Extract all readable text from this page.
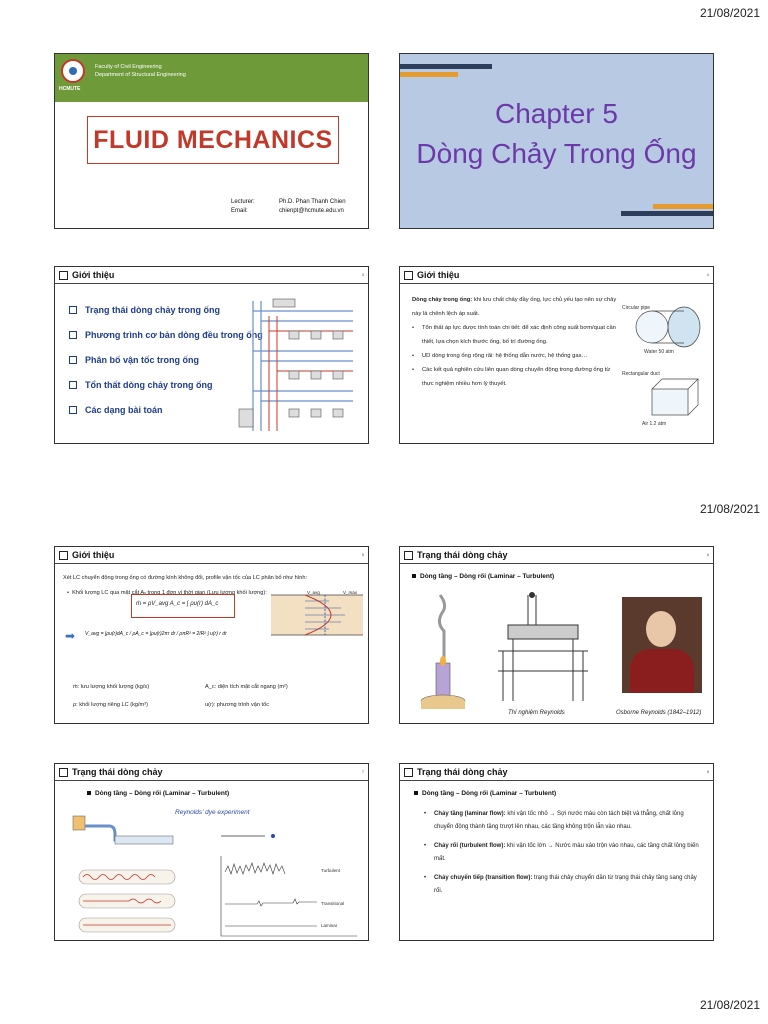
21/08/2021
21/08/2021
21/08/2021
HCMUTE
Faculty of Civil Engineering
Department of Structural Engineering
FLUID MECHANICS
Lecturer:	Ph.D. Phan Thanh Chien
Email:	chienpt@hcmute.edu.vn
Chapter 5
Dòng Chảy Trong Ống
Giới thiệu	3
Trạng thái dòng chảy trong ống
Phương trình cơ bản dòng đều trong ống
Phân bố vận tốc trong ống
Tổn thất dòng chảy trong ống
Các dạng bài toán
Giới thiệu	4
Dòng chảy trong ống: khi lưu chất chảy đầy ống, lực chủ yếu tạo nên sự chảy này là chênh lệch áp suất.
• Tổn thất áp lực được tính toán chi tiết: để xác định công suất bơm/quạt cần thiết, lựa chọn kích thước ống, bố trí đường ống.
• UD dòng trong ống rộng rãi: hệ thống dẫn nước, hệ thống gas…
• Các kết quả nghiên cứu liên quan dòng chuyển động trong đường ống từ thực nghiệm nhiều hơn lý thuyết.
Circular pipe
Water 50 atm
Rectangular duct
Air 1.2 atm
Giới thiệu	5
Xét LC chuyển động trong ống có đường kính không đổi, profile vận tốc của LC phân bố như hình:
•  Khối lượng LC qua mặt cắt Aₓ trong 1 đơn vị thời gian (Lưu lượng khối lượng):
ṁ = ρV_avg A_c = ∫ ρu(r) dA_c
V_avg	V_max
➡ V_avg = ∫ρu(r)dA_c / ρA_c = ∫ρu(r)2πr dr / ρπR² = 2/R² ∫ u(r) r dr
ṁ: lưu lượng khối lượng (kg/s)	A_c: diện tích mặt cắt ngang (m²)
ρ: khối lượng riêng LC (kg/m³)	u(r): phương trình vận tốc
Trạng thái dòng chảy	6
Dòng tầng – Dòng rối (Laminar – Turbulent)
Thí nghiệm Reynolds	Osborne Reynolds (1842–1912)
Trạng thái dòng chảy	7
Dòng tầng – Dòng rối (Laminar – Turbulent)
Reynolds' dye experiment
Turbulent
Transitional
Laminar
Trạng thái dòng chảy	8
Dòng tầng – Dòng rối (Laminar – Turbulent)
• Chảy tầng (laminar flow): khi vận tốc nhỏ → Sợi nước màu còn tách biệt và thẳng, chất lỏng chuyển động thành tầng trượt lên nhau, các tầng không trộn lẫn vào nhau.
• Chảy rối (turbulent flow): khi vận tốc lớn → Nước màu xáo trộn vào nhau, các tầng chất lỏng biến mất.
• Chảy chuyển tiếp (transition flow): trạng thái chảy chuyển dần từ trạng thái chảy tầng sang chảy rối.
